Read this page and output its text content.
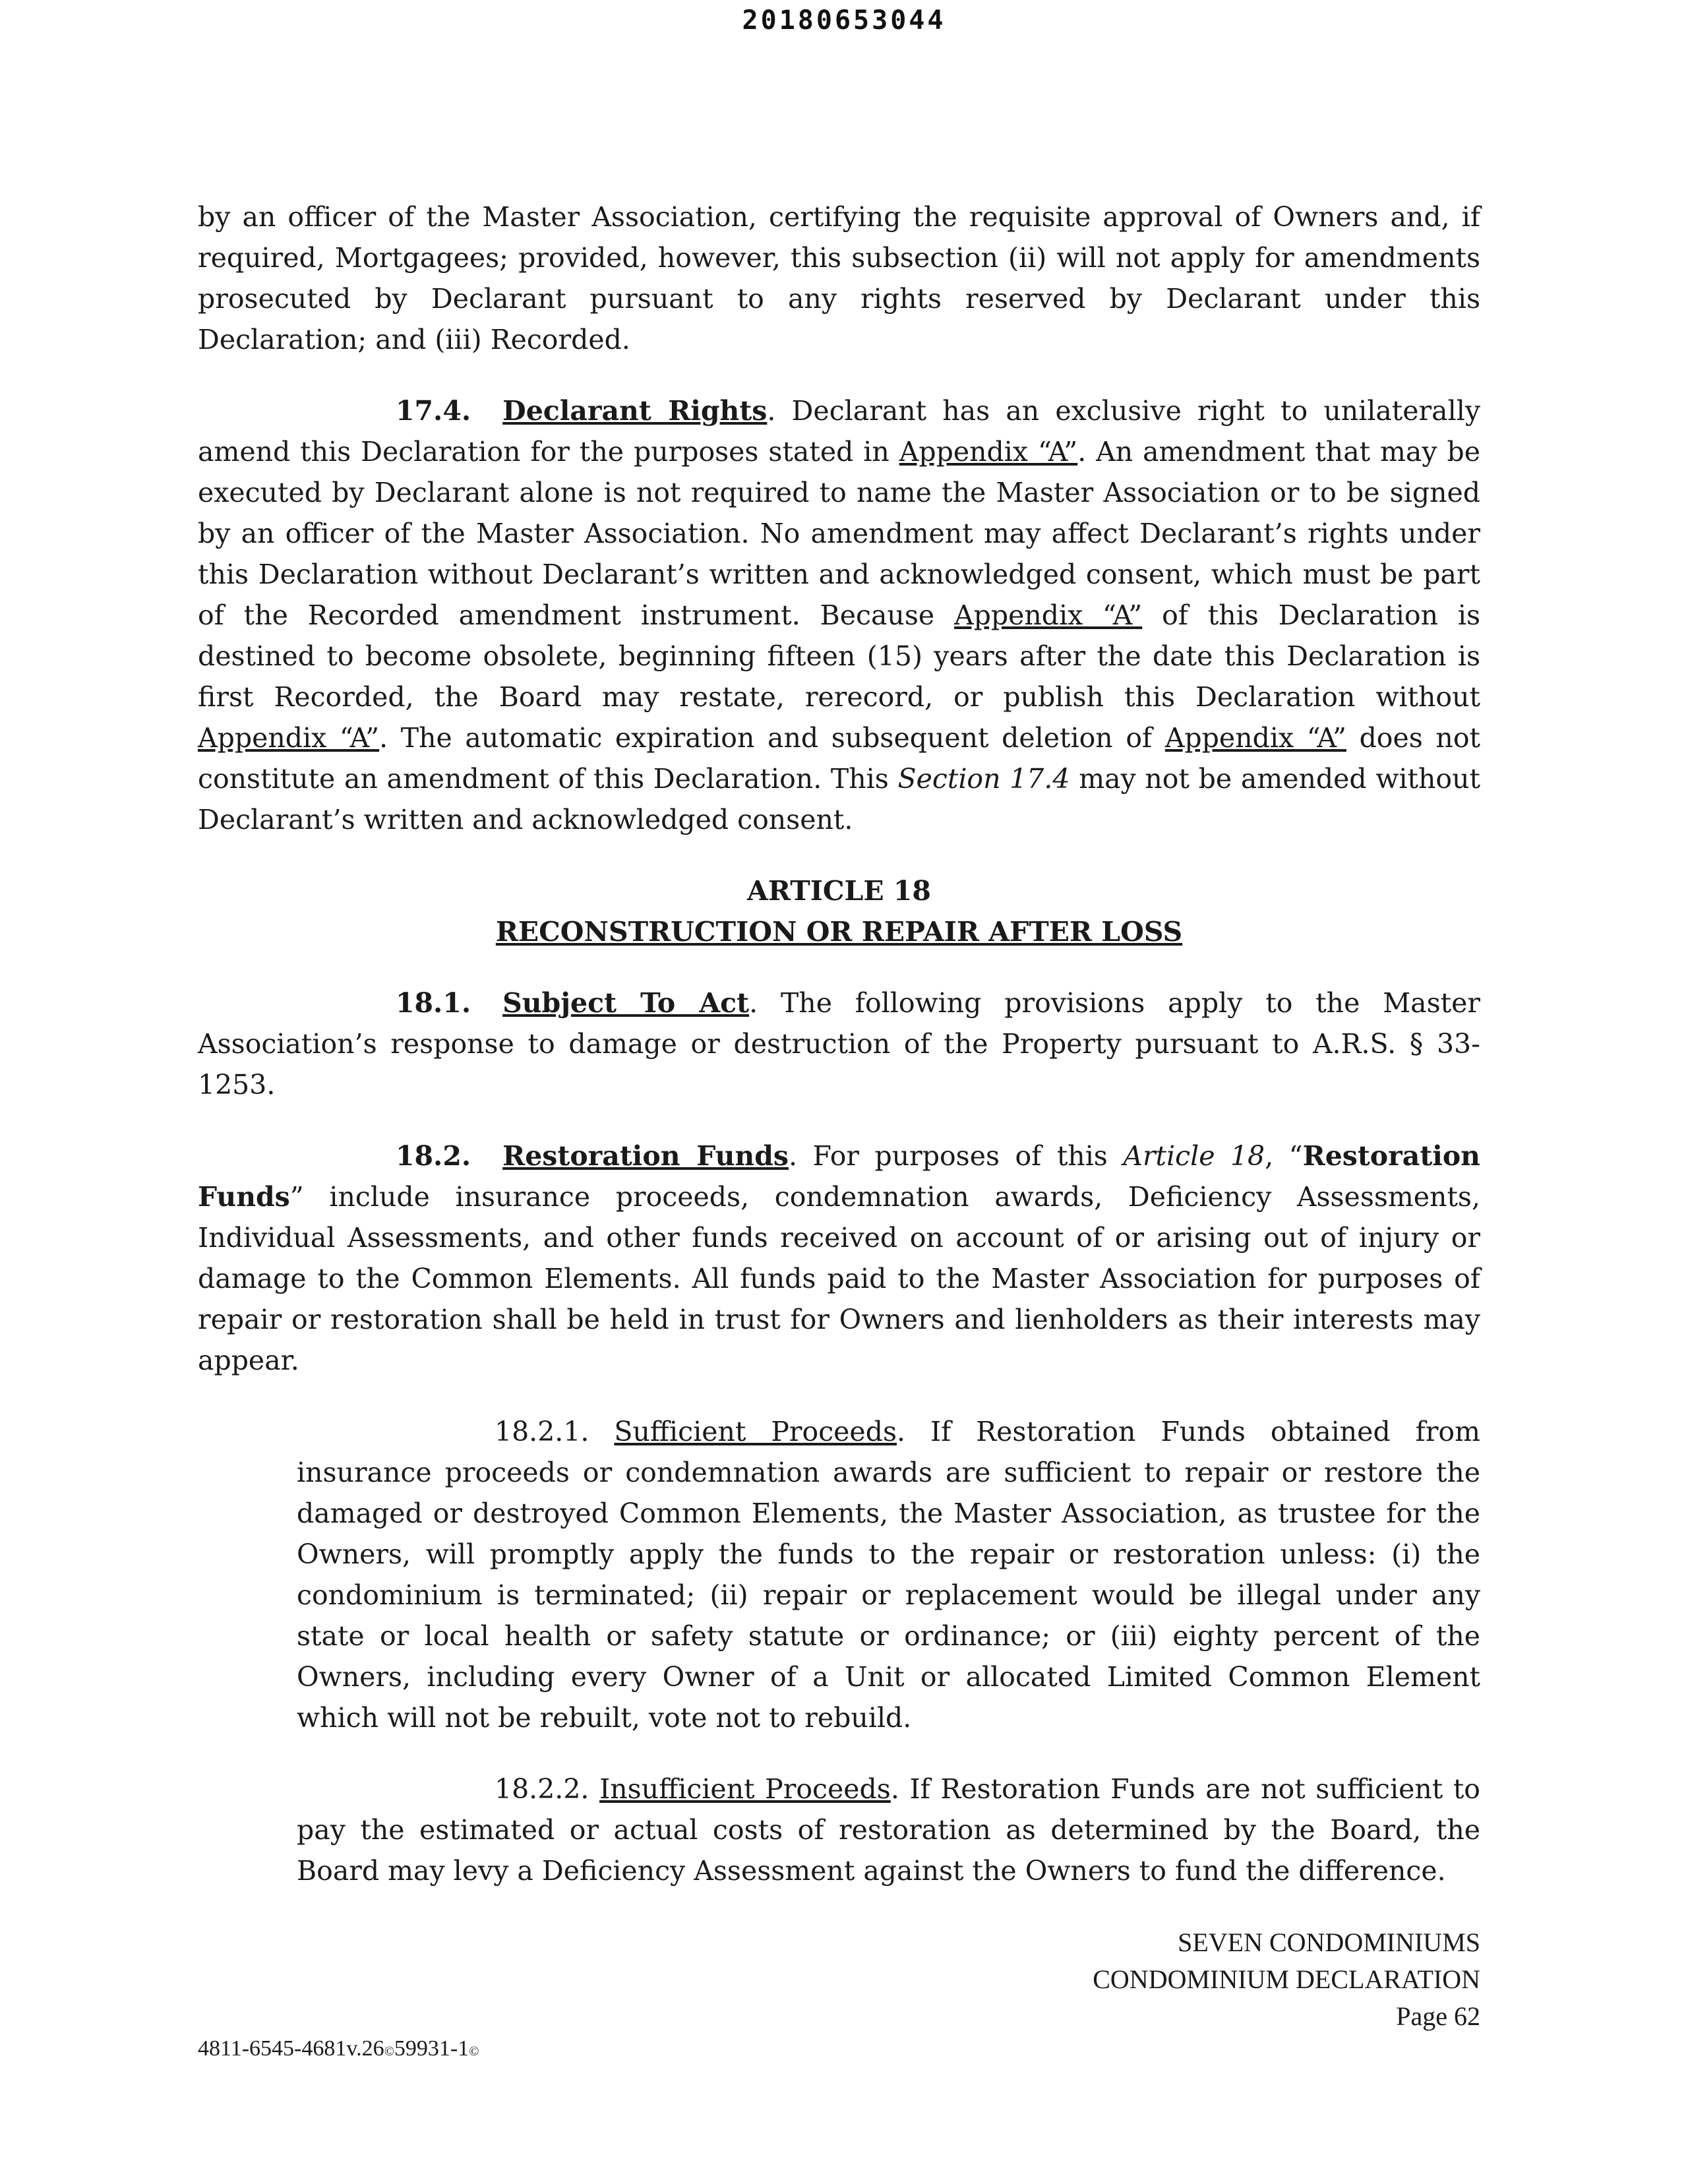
20180653044

by an officer of the Master Association, certifying the requisite approval of Owners and, if required, Mortgagees; provided, however, this subsection (ii) will not apply for amendments prosecuted by Declarant pursuant to any rights reserved by Declarant under this Declaration; and (iii) Recorded.

17.4. Declarant Rights. Declarant has an exclusive right to unilaterally amend this Declaration for the purposes stated in Appendix “A”. An amendment that may be executed by Declarant alone is not required to name the Master Association or to be signed by an officer of the Master Association. No amendment may affect Declarant’s rights under this Declaration without Declarant’s written and acknowledged consent, which must be part of the Recorded amendment instrument. Because Appendix “A” of this Declaration is destined to become obsolete, beginning fifteen (15) years after the date this Declaration is first Recorded, the Board may restate, rerecord, or publish this Declaration without Appendix “A”. The automatic expiration and subsequent deletion of Appendix “A” does not constitute an amendment of this Declaration. This Section 17.4 may not be amended without Declarant’s written and acknowledged consent.

ARTICLE 18

RECONSTRUCTION OR REPAIR AFTER LOSS

18.1. Subject To Act. The following provisions apply to the Master Association’s response to damage or destruction of the Property pursuant to A.R.S. § 33-1253.

18.2. Restoration Funds. For purposes of this Article 18, “Restoration Funds” include insurance proceeds, condemnation awards, Deficiency Assessments, Individual Assessments, and other funds received on account of or arising out of injury or damage to the Common Elements. All funds paid to the Master Association for purposes of repair or restoration shall be held in trust for Owners and lienholders as their interests may appear.

18.2.1. Sufficient Proceeds. If Restoration Funds obtained from insurance proceeds or condemnation awards are sufficient to repair or restore the damaged or destroyed Common Elements, the Master Association, as trustee for the Owners, will promptly apply the funds to the repair or restoration unless: (i) the condominium is terminated; (ii) repair or replacement would be illegal under any state or local health or safety statute or ordinance; or (iii) eighty percent of the Owners, including every Owner of a Unit or allocated Limited Common Element which will not be rebuilt, vote not to rebuild.

18.2.2. Insufficient Proceeds. If Restoration Funds are not sufficient to pay the estimated or actual costs of restoration as determined by the Board, the Board may levy a Deficiency Assessment against the Owners to fund the difference.

SEVEN CONDOMINIUMS
CONDOMINIUM DECLARATION
Page 62
4811-6545-4681v.26©59931-1©
